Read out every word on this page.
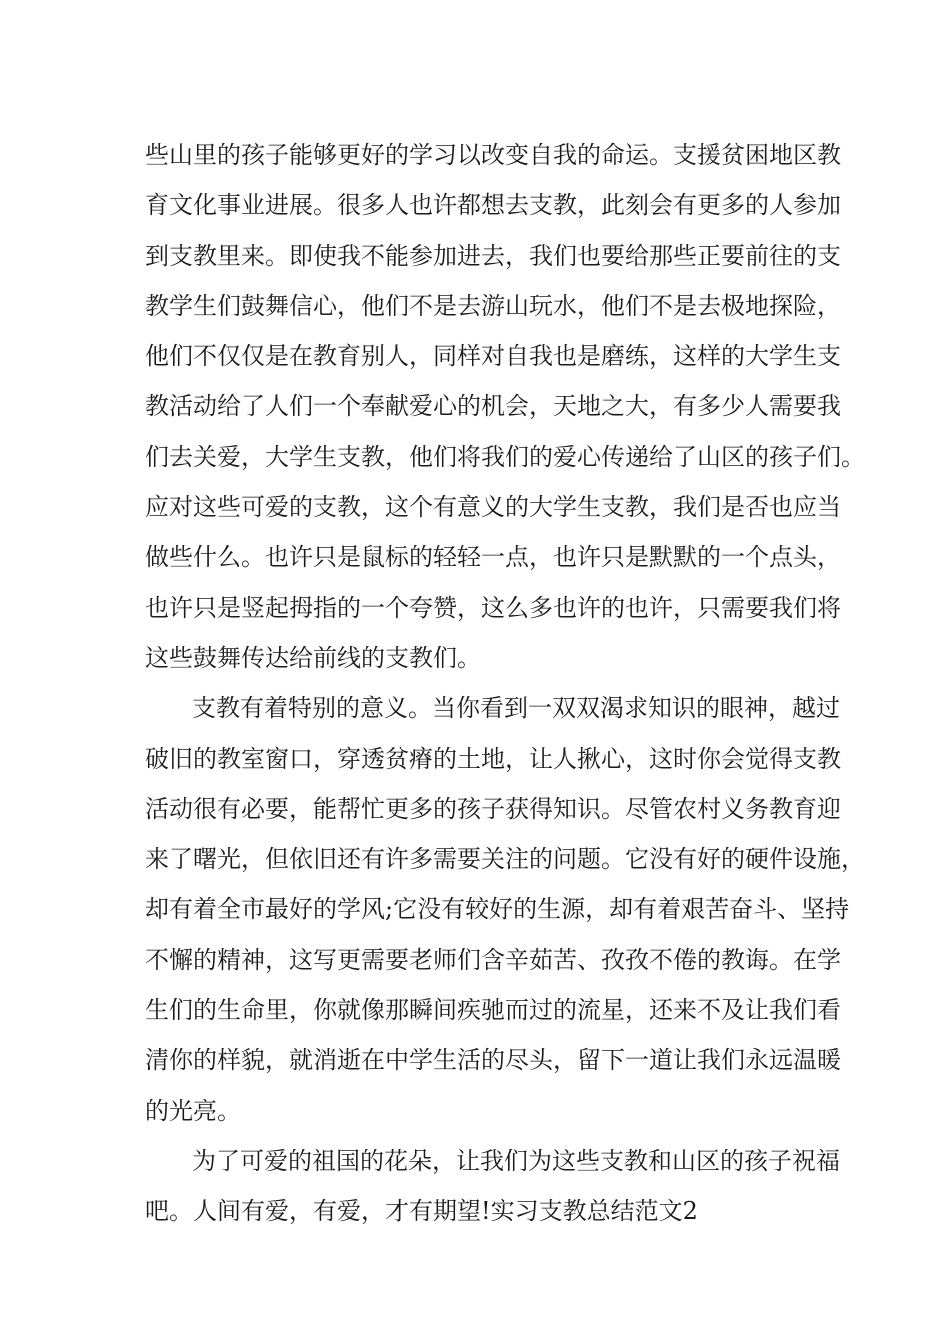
些山里的孩子能够更好的学习以改变自我的命运。支援贫困地区教
育文化事业进展。很多人也许都想去支教，此刻会有更多的人参加
到支教里来。即使我不能参加进去，我们也要给那些正要前往的支
教学生们鼓舞信心，他们不是去游山玩水，他们不是去极地探险，
他们不仅仅是在教育别人，同样对自我也是磨练，这样的大学生支
教活动给了人们一个奉献爱心的机会，天地之大，有多少人需要我
们去关爱，大学生支教，他们将我们的爱心传递给了山区的孩子们。
应对这些可爱的支教，这个有意义的大学生支教，我们是否也应当
做些什么。也许只是鼠标的轻轻一点，也许只是默默的一个点头，
也许只是竖起拇指的一个夸赞，这么多也许的也许，只需要我们将
这些鼓舞传达给前线的支教们。
支教有着特别的意义。当你看到一双双渴求知识的眼神，越过
破旧的教室窗口，穿透贫瘠的土地，让人揪心，这时你会觉得支教
活动很有必要，能帮忙更多的孩子获得知识。尽管农村义务教育迎
来了曙光，但依旧还有许多需要关注的问题。它没有好的硬件设施，
却有着全市最好的学风;它没有较好的生源，却有着艰苦奋斗、坚持
不懈的精神，这写更需要老师们含辛茹苦、孜孜不倦的教诲。在学
生们的生命里，你就像那瞬间疾驰而过的流星，还来不及让我们看
清你的样貌，就消逝在中学生活的尽头，留下一道让我们永远温暖
的光亮。
为了可爱的祖国的花朵，让我们为这些支教和山区的孩子祝福
吧。人间有爱，有爱，才有期望!实习支教总结范文2
